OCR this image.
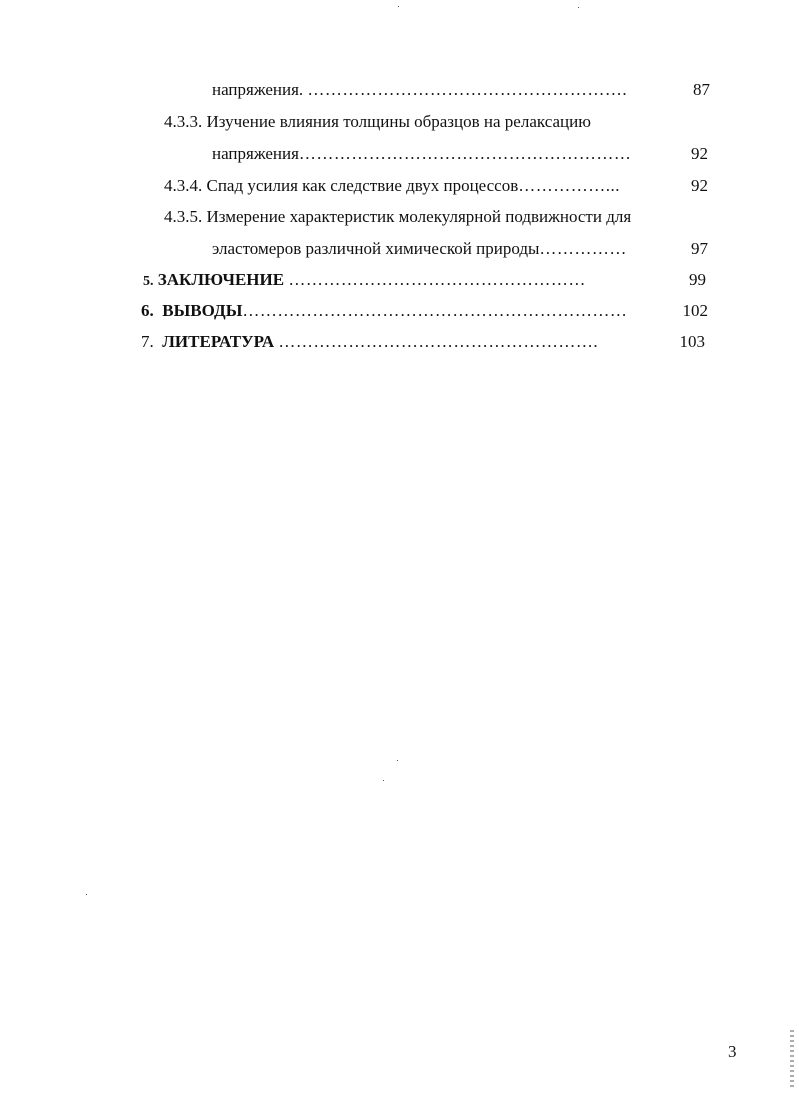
напряжения. ……………………………………………….	87
4.3.3. Изучение влияния толщины образцов на релаксацию
напряжения…………………………………………………	92
4.3.4. Спад усилия как следствие двух процессов……………...	92
4.3.5. Измерение характеристик молекулярной подвижности для
эластомеров различной химической природы……………	97
5. ЗАКЛЮЧЕНИЕ ……………………………………………	99
6. ВЫВОДЫ…………………………………………………………	102
7. ЛИТЕРАТУРА ……………………………………………….	103
3
